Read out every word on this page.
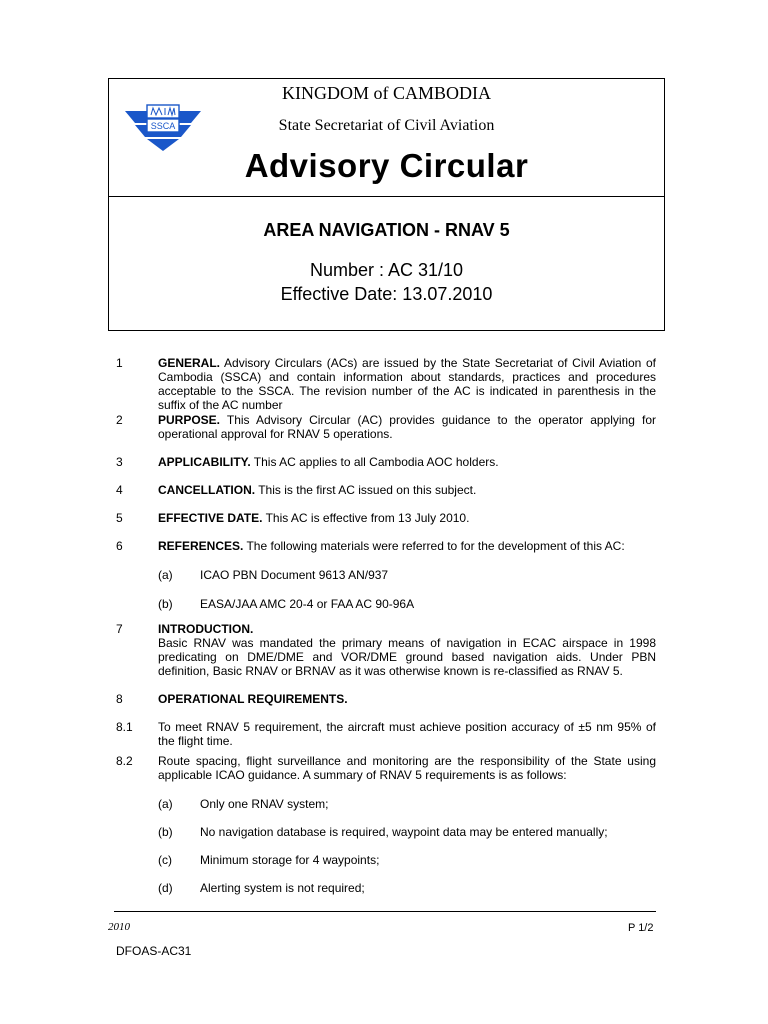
SSCA
KINGDOM of CAMBODIA
State Secretariat of Civil Aviation
Advisory Circular
AREA NAVIGATION - RNAV 5
Number : AC 31/10
Effective Date: 13.07.2010
1	GENERAL. Advisory Circulars (ACs) are issued by the State Secretariat of Civil Aviation of Cambodia (SSCA) and contain information about standards, practices and procedures acceptable to the SSCA. The revision number of the AC is indicated in parenthesis in the suffix of the AC number
2	PURPOSE. This Advisory Circular (AC) provides guidance to the operator applying for operational approval for RNAV 5 operations.
3	APPLICABILITY. This AC applies to all Cambodia AOC holders.
4	CANCELLATION. This is the first AC issued on this subject.
5	EFFECTIVE DATE. This AC is effective from 13 July 2010.
6	REFERENCES. The following materials were referred to for the development of this AC:
(a) ICAO PBN Document 9613 AN/937
(b) EASA/JAA AMC 20-4 or FAA AC 90-96A
7	INTRODUCTION.
Basic RNAV was mandated the primary means of navigation in ECAC airspace in 1998 predicating on DME/DME and VOR/DME ground based navigation aids. Under PBN definition, Basic RNAV or BRNAV as it was otherwise known is re-classified as RNAV 5.
8	OPERATIONAL REQUIREMENTS.
8.1 To meet RNAV 5 requirement, the aircraft must achieve position accuracy of ±5 nm 95% of the flight time.
8.2 Route spacing, flight surveillance and monitoring are the responsibility of the State using applicable ICAO guidance. A summary of RNAV 5 requirements is as follows:
(a) Only one RNAV system;
(b) No navigation database is required, waypoint data may be entered manually;
(c) Minimum storage for 4 waypoints;
(d) Alerting system is not required;
2010	P 1/2
DFOAS-AC31
